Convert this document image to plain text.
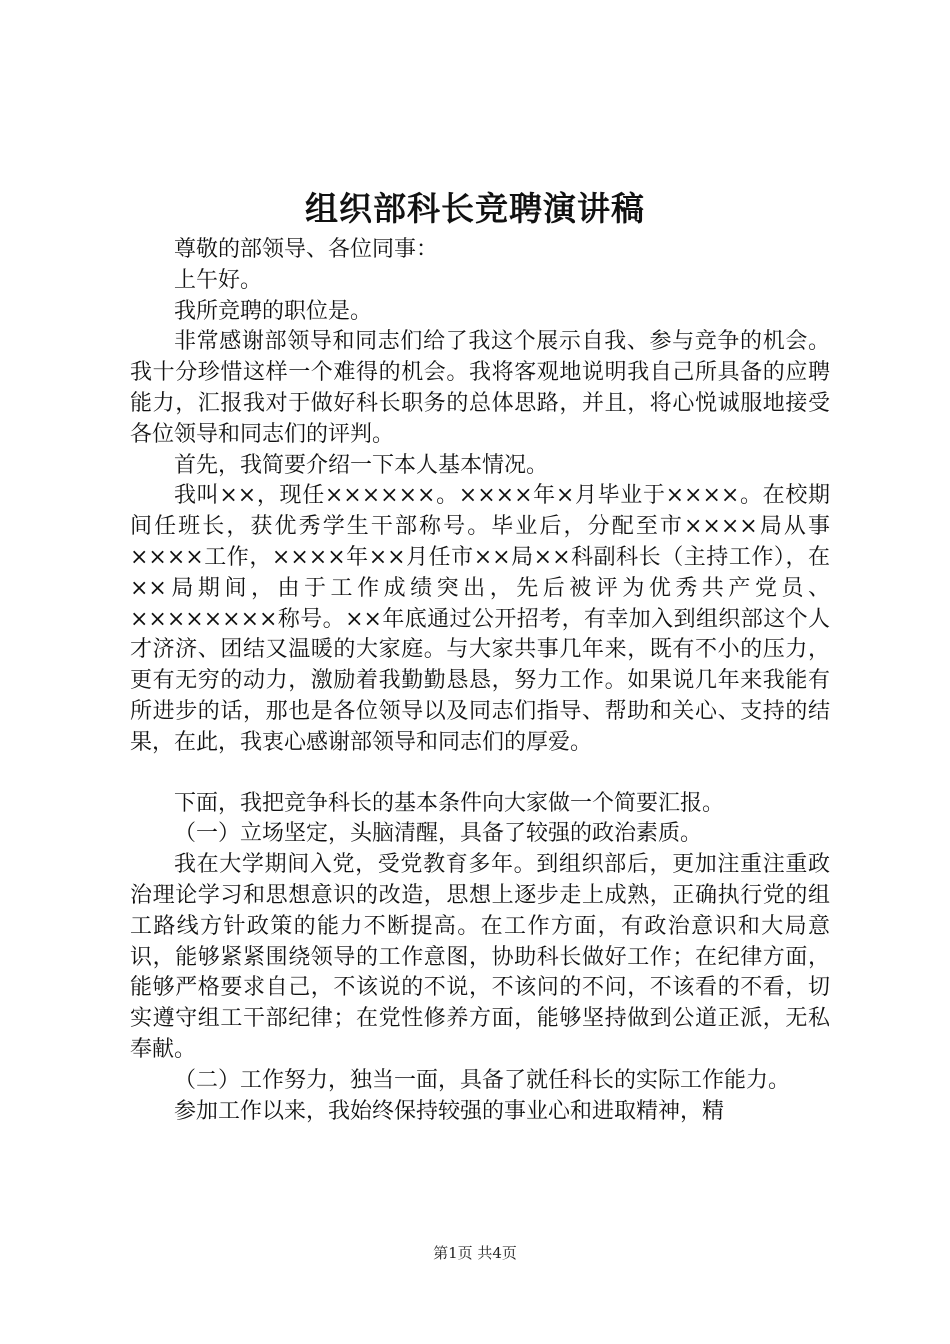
组织部科长竞聘演讲稿

尊敬的部领导、各位同事：

上午好。

我所竞聘的职位是。

非常感谢部领导和同志们给了我这个展示自我、参与竞争的机会。我十分珍惜这样一个难得的机会。我将客观地说明我自己所具备的应聘能力，汇报我对于做好科长职务的总体思路，并且，将心悦诚服地接受各位领导和同志们的评判。

首先，我简要介绍一下本人基本情况。

我叫××，现任××××××。××××年×月毕业于××××。在校期间任班长，获优秀学生干部称号。毕业后，分配至市××××局从事××××工作，××××年××月任市××局××科副科长（主持工作），在××局期间，由于工作成绩突出，先后被评为优秀共产党员、××××××××称号。××年底通过公开招考，有幸加入到组织部这个人才济济、团结又温暖的大家庭。与大家共事几年来，既有不小的压力，更有无穷的动力，激励着我勤勤恳恳，努力工作。如果说几年来我能有所进步的话，那也是各位领导以及同志们指导、帮助和关心、支持的结果，在此，我衷心感谢部领导和同志们的厚爱。

下面，我把竞争科长的基本条件向大家做一个简要汇报。

（一）立场坚定，头脑清醒，具备了较强的政治素质。

我在大学期间入党，受党教育多年。到组织部后，更加注重注重政治理论学习和思想意识的改造，思想上逐步走上成熟，正确执行党的组工路线方针政策的能力不断提高。在工作方面，有政治意识和大局意识，能够紧紧围绕领导的工作意图，协助科长做好工作；在纪律方面，能够严格要求自己，不该说的不说，不该问的不问，不该看的不看，切实遵守组工干部纪律；在党性修养方面，能够坚持做到公道正派，无私奉献。

（二）工作努力，独当一面，具备了就任科长的实际工作能力。

参加工作以来，我始终保持较强的事业心和进取精神，精

第1页 共4页
